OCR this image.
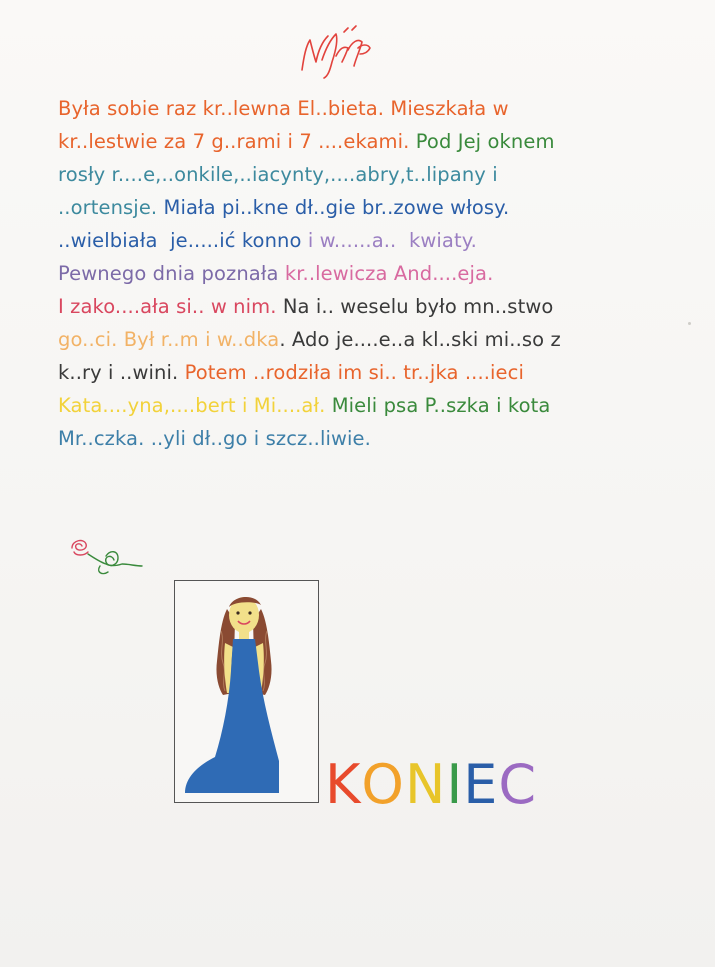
Była sobie raz kr..lewna El..bieta. Mieszkała w
kr..lestwie za 7 g..rami i 7 ....ekami. Pod Jej oknem
rosły r....e,..onkile,..iacynty,....abry,t..lipany i
..ortensje. Miała pi..kne dł..gie br..zowe włosy.
..wielbiała  je.....ić konno i w......a..  kwiaty.
Pewnego dnia poznała kr..lewicza And....eja.
I zako....ała si.. w nim. Na i.. weselu było mn..stwo
go..ci. Był r..m i w..dka. Ado je....e..a kl..ski mi..so z
k..ry i ..wini. Potem ..rodziła im si.. tr..jka ....ieci
Kata....yna,....bert i Mi....ał. Mieli psa P..szka i kota
Mr..czka. ..yli dł..go i szcz..liwie.
KONIEC
